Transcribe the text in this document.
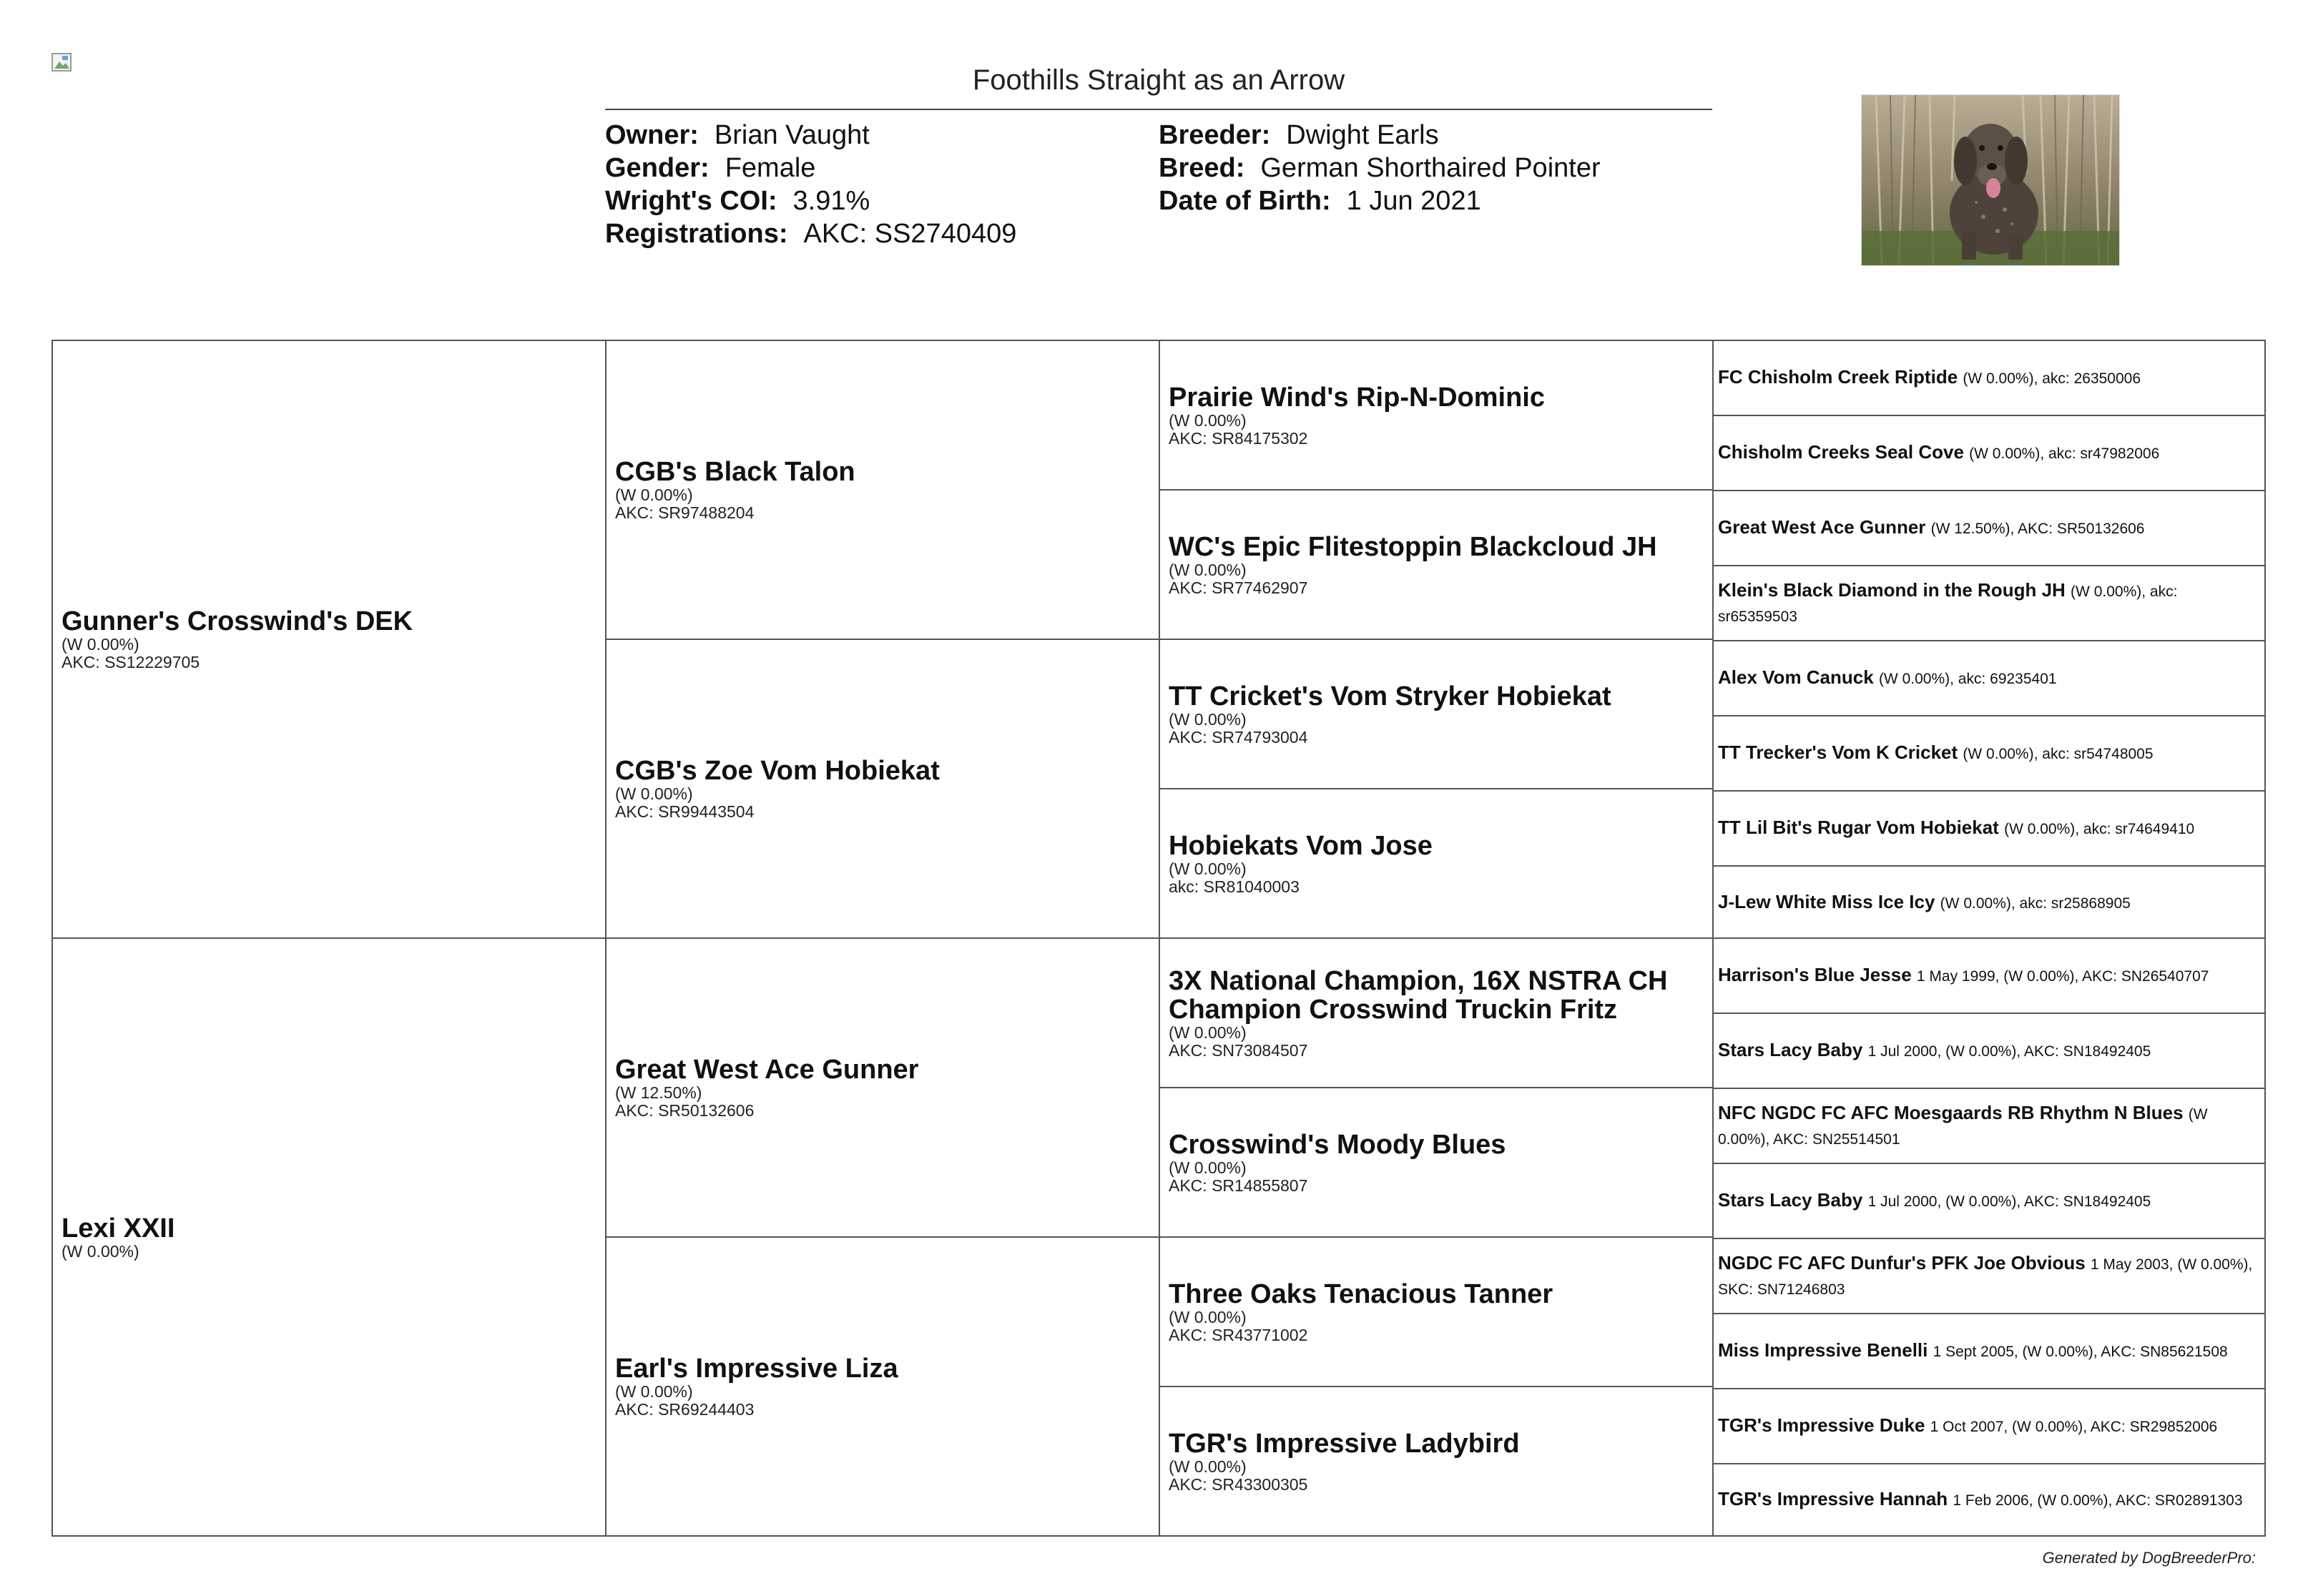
Foothills Straight as an Arrow
Owner: Brian Vaught
Gender: Female
Wright's COI: 3.91%
Registrations: AKC: SS2740409
Breeder: Dwight Earls
Breed: German Shorthaired Pointer
Date of Birth: 1 Jun 2021
Gunner's Crosswind's DEK
(W 0.00%)
AKC: SS12229705
Lexi XXII
(W 0.00%)
CGB's Black Talon
(W 0.00%)
AKC: SR97488204
CGB's Zoe Vom Hobiekat
(W 0.00%)
AKC: SR99443504
Great West Ace Gunner
(W 12.50%)
AKC: SR50132606
Earl's Impressive Liza
(W 0.00%)
AKC: SR69244403
Prairie Wind's Rip-N-Dominic
(W 0.00%)
AKC: SR84175302
WC's Epic Flitestoppin Blackcloud JH
(W 0.00%)
AKC: SR77462907
TT Cricket's Vom Stryker Hobiekat
(W 0.00%)
AKC: SR74793004
Hobiekats Vom Jose
(W 0.00%)
akc: SR81040003
3X National Champion, 16X NSTRA CH Champion Crosswind Truckin Fritz
(W 0.00%)
AKC: SN73084507
Crosswind's Moody Blues
(W 0.00%)
AKC: SR14855807
Three Oaks Tenacious Tanner
(W 0.00%)
AKC: SR43771002
TGR's Impressive Ladybird
(W 0.00%)
AKC: SR43300305
FC Chisholm Creek Riptide (W 0.00%), akc: 26350006
Chisholm Creeks Seal Cove (W 0.00%), akc: sr47982006
Great West Ace Gunner (W 12.50%), AKC: SR50132606
Klein's Black Diamond in the Rough JH (W 0.00%), akc: sr65359503
Alex Vom Canuck (W 0.00%), akc: 69235401
TT Trecker's Vom K Cricket (W 0.00%), akc: sr54748005
TT Lil Bit's Rugar Vom Hobiekat (W 0.00%), akc: sr74649410
J-Lew White Miss Ice Icy (W 0.00%), akc: sr25868905
Harrison's Blue Jesse 1 May 1999, (W 0.00%), AKC: SN26540707
Stars Lacy Baby 1 Jul 2000, (W 0.00%), AKC: SN18492405
NFC NGDC FC AFC Moesgaards RB Rhythm N Blues (W 0.00%), AKC: SN25514501
Stars Lacy Baby 1 Jul 2000, (W 0.00%), AKC: SN18492405
NGDC FC AFC Dunfur's PFK Joe Obvious 1 May 2003, (W 0.00%), SKC: SN71246803
Miss Impressive Benelli 1 Sept 2005, (W 0.00%), AKC: SN85621508
TGR's Impressive Duke 1 Oct 2007, (W 0.00%), AKC: SR29852006
TGR's Impressive Hannah 1 Feb 2006, (W 0.00%), AKC: SR02891303
Generated by DogBreederPro:
